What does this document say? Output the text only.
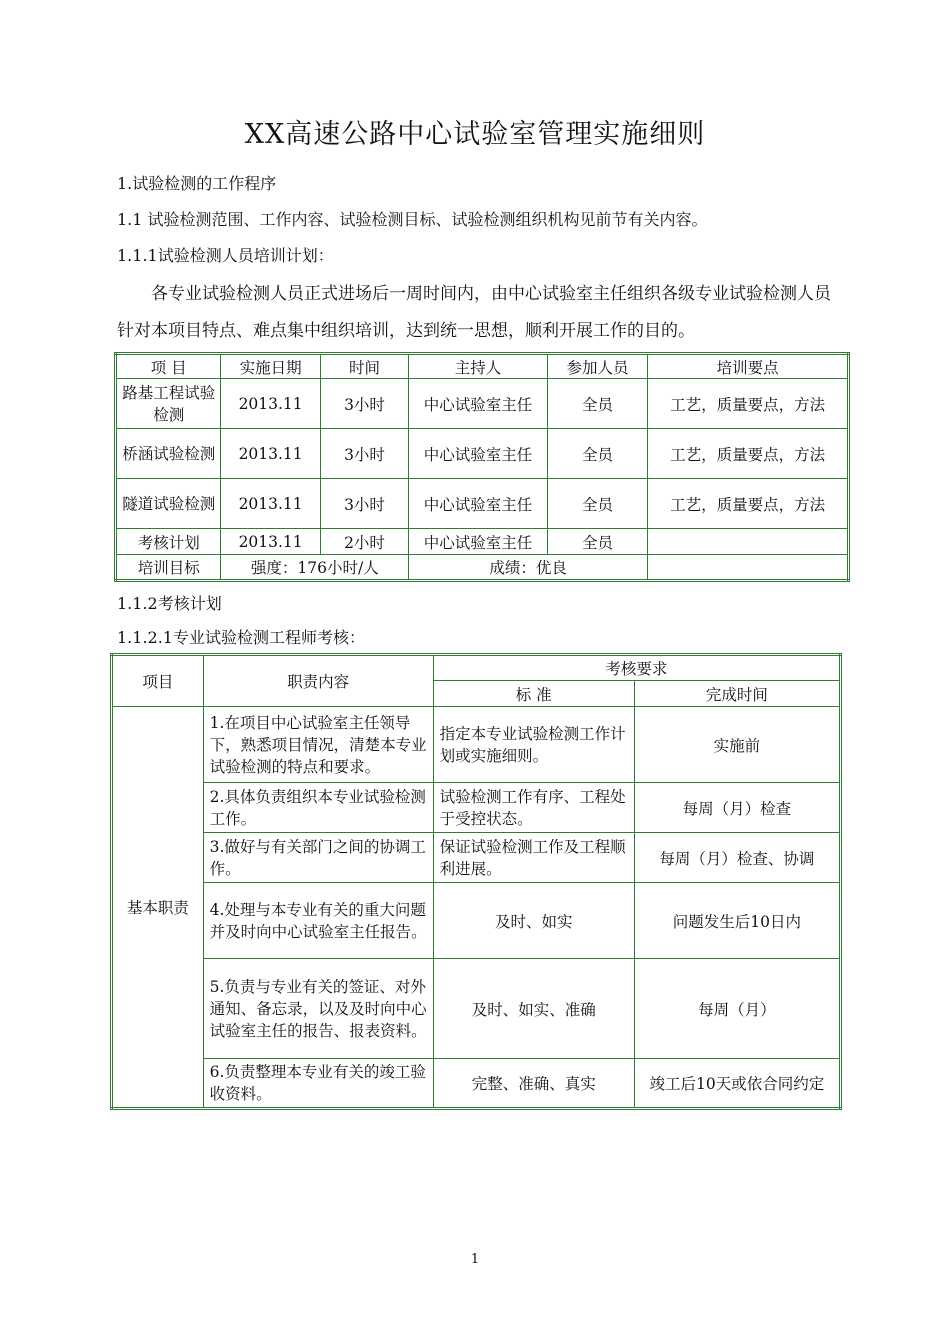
XX高速公路中心试验室管理实施细则
1.试验检测的工作程序
1.1 试验检测范围、工作内容、试验检测目标、试验检测组织机构见前节有关内容。
1.1.1试验检测人员培训计划：
各专业试验检测人员正式进场后一周时间内，由中心试验室主任组织各级专业试验检测人员针对本项目特点、难点集中组织培训，达到统一思想，顺利开展工作的目的。
项 目	实施日期	时间	主持人	参加人员	培训要点
路基工程试验检测	2013.11	3小时	中心试验室主任	全员	工艺，质量要点，方法
桥涵试验检测	2013.11	3小时	中心试验室主任	全员	工艺，质量要点，方法
隧道试验检测	2013.11	3小时	中心试验室主任	全员	工艺，质量要点，方法
考核计划	2013.11	2小时	中心试验室主任	全员	
培训目标	强度：176小时/人		成绩：优良		
1.1.2考核计划
1.1.2.1专业试验检测工程师考核：
项目	职责内容	考核要求	
		标 准	完成时间
基本职责	1.在项目中心试验室主任领导下，熟悉项目情况，清楚本专业试验检测的特点和要求。	指定本专业试验检测工作计划或实施细则。	实施前
	2.具体负责组织本专业试验检测工作。	试验检测工作有序、工程处于受控状态。	每周（月）检查
	3.做好与有关部门之间的协调工作。	保证试验检测工作及工程顺利进展。	每周（月）检查、协调
	4.处理与本专业有关的重大问题并及时向中心试验室主任报告。	及时、如实	问题发生后10日内
	5.负责与专业有关的签证、对外通知、备忘录，以及及时向中心试验室主任的报告、报表资料。	及时、如实、准确	每周（月）
	6.负责整理本专业有关的竣工验收资料。	完整、准确、真实	竣工后10天或依合同约定
1
